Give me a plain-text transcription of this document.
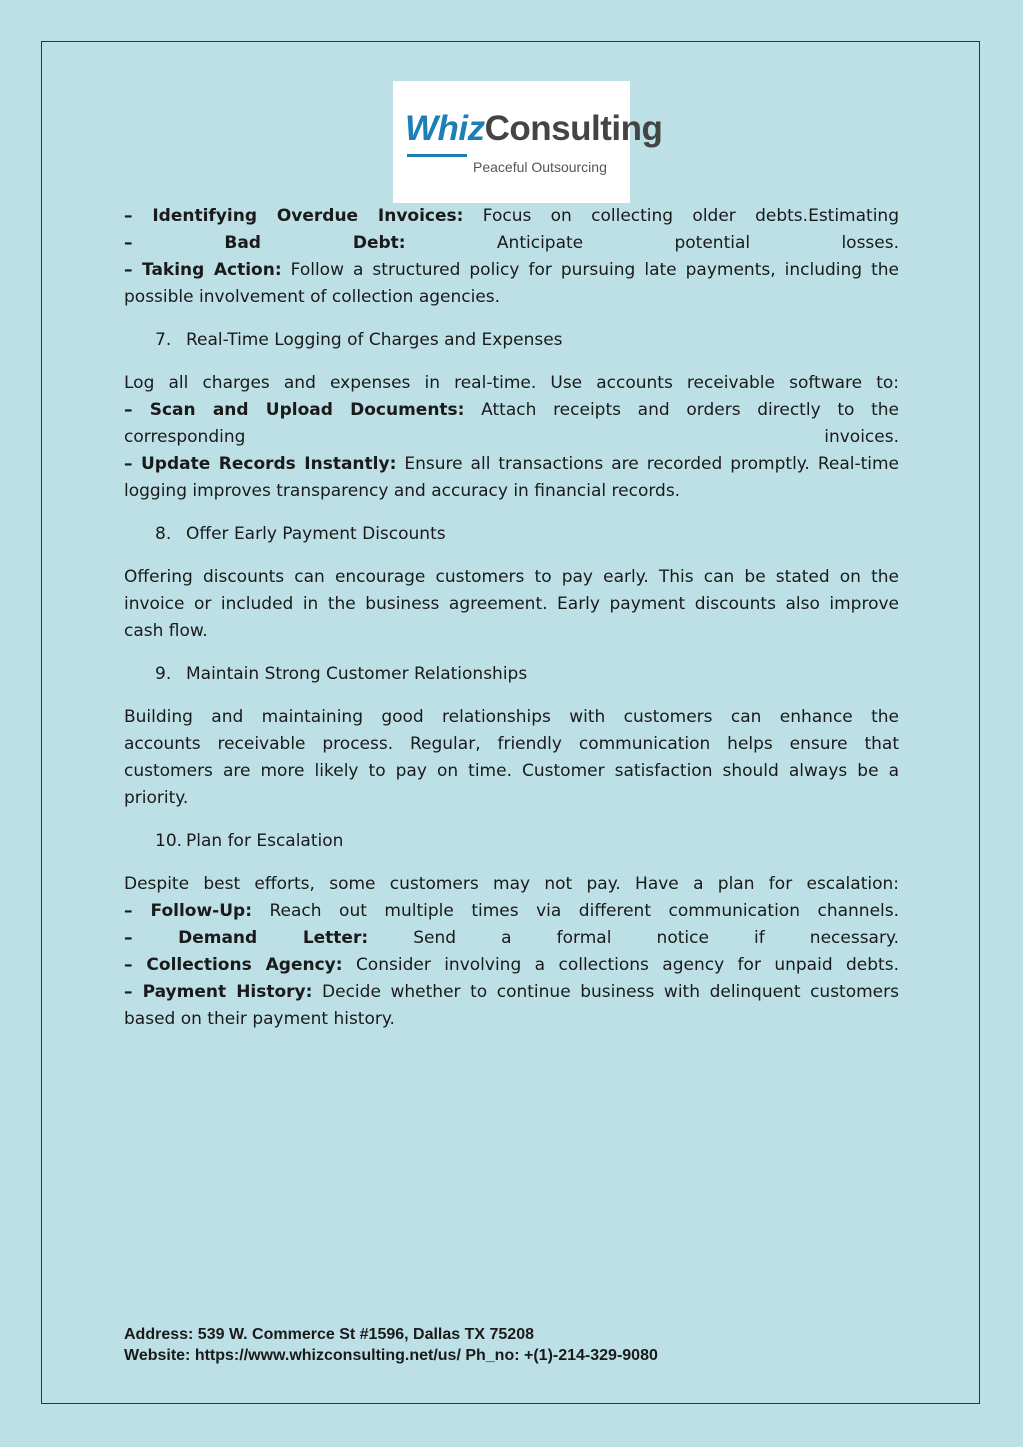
WhizConsulting
Peaceful Outsourcing
– Identifying Overdue Invoices: Focus on collecting older debts.Estimating
– Bad Debt: Anticipate potential losses.
– Taking Action: Follow a structured policy for pursuing late payments, including the
possible involvement of collection agencies.
7. Real-Time Logging of Charges and Expenses
Log all charges and expenses in real-time. Use accounts receivable software to:
– Scan and Upload Documents: Attach receipts and orders directly to the
corresponding invoices.
– Update Records Instantly: Ensure all transactions are recorded promptly. Real-time
logging improves transparency and accuracy in financial records.
8. Offer Early Payment Discounts
Offering discounts can encourage customers to pay early. This can be stated on the
invoice or included in the business agreement. Early payment discounts also improve
cash flow.
9. Maintain Strong Customer Relationships
Building and maintaining good relationships with customers can enhance the
accounts receivable process. Regular, friendly communication helps ensure that
customers are more likely to pay on time. Customer satisfaction should always be a
priority.
10. Plan for Escalation
Despite best efforts, some customers may not pay. Have a plan for escalation:
– Follow-Up: Reach out multiple times via different communication channels.
– Demand Letter: Send a formal notice if necessary.
– Collections Agency: Consider involving a collections agency for unpaid debts.
– Payment History: Decide whether to continue business with delinquent customers
based on their payment history.
Address: 539 W. Commerce St #1596, Dallas TX 75208
Website: https://www.whizconsulting.net/us/ Ph_no: +(1)-214-329-9080
